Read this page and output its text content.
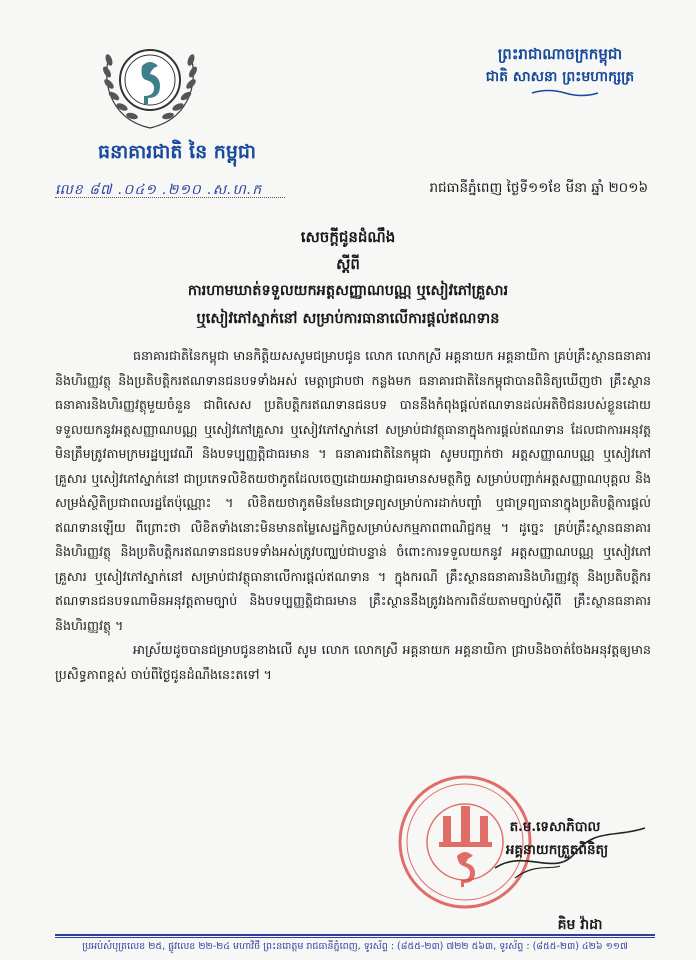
ធនាគារជាតិ នៃ កម្ពុជា
ព្រះរាជាណាចក្រកម្ពុជា
ជាតិ សាសនា ព្រះមហាក្សត្រ
លេខ ៨៧ .០៤១ .២១០ .ស.ហ.ក	រាជធានីភ្នំពេញ ថ្ងៃទី១១ខែ មីនា ឆ្នាំ ២០១៦
សេចក្តីជូនដំណឹង
ស្តីពី
ការហាមឃាត់ទទួលយកអត្តសញ្ញាណបណ្ណ ឬសៀវភៅគ្រួសារ
ឬសៀវភៅស្នាក់នៅ សម្រាប់ការធានាលើការផ្តល់ឥណទាន

ធនាគារជាតិនៃកម្ពុជា មានកិត្តិយសសូមជម្រាបជូន លោក លោកស្រី អគ្គនាយក អគ្គនាយិកា គ្រប់គ្រឹះស្ថានធនាគារនិងហិរញ្ញវត្ថុ និងប្រតិបត្តិករឥណទានជនបទទាំងអស់ មេត្តាជ្រាបថា កន្លងមក ធនាគារជាតិនៃកម្ពុជាបានពិនិត្យឃើញថា គ្រឹះស្ថានធនាគារនិងហិរញ្ញវត្ថុមួយចំនួន ជាពិសេស ប្រតិបត្តិករឥណទានជនបទ បាននឹងកំពុងផ្តល់ឥណទានដល់អតិថិជនរបស់ខ្លួនដោយទទួលយកនូវអត្តសញ្ញាណបណ្ណ ឬសៀវភៅគ្រួសារ ឬសៀវភៅស្នាក់នៅ សម្រាប់ជាវត្ថុធានាក្នុងការផ្តល់ឥណទាន ដែលជាការអនុវត្តមិនត្រឹមត្រូវតាមក្រមរដ្ឋប្បវេណី និងបទប្បញ្ញត្តិជាធរមាន ។ ធនាគារជាតិនៃកម្ពុជា សូមបញ្ជាក់ថា អត្តសញ្ញាណបណ្ណ ឬសៀវភៅគ្រួសារ ឬសៀវភៅស្នាក់នៅ ជាប្រភេទលិខិតយថាភូតដែលចេញដោយអាជ្ញាធរមានសមត្ថកិច្ច សម្រាប់បញ្ជាក់អត្តសញ្ញាណបុគ្គល និងសម្រង់ស្ថិតិប្រជាពលរដ្ឋតែប៉ុណ្ណោះ ។ លិខិតយថាភូតមិនមែនជាទ្រព្យសម្រាប់ការដាក់បញ្ចាំ ឬជាទ្រព្យធានាក្នុងប្រតិបត្តិការផ្តល់ឥណទានឡើយ ពីព្រោះថា លិខិតទាំងនោះមិនមានតម្លៃសេដ្ឋកិច្ចសម្រាប់សកម្មភាពពាណិជ្ជកម្ម ។ ដូច្នេះ គ្រប់គ្រឹះស្ថានធនាគារនិងហិរញ្ញវត្ថុ និងប្រតិបត្តិករឥណទានជនបទទាំងអស់ត្រូវបញ្ឈប់ជាបន្ទាន់ ចំពោះការទទួលយកនូវ អត្តសញ្ញាណបណ្ណ ឬសៀវភៅគ្រួសារ ឬសៀវភៅស្នាក់នៅ សម្រាប់ជាវត្ថុធានាលើការផ្តល់ឥណទាន ។ ក្នុងករណី គ្រឹះស្ថានធនាគារនិងហិរញ្ញវត្ថុ និងប្រតិបត្តិករឥណទានជនបទណាមិនអនុវត្តតាមច្បាប់ និងបទប្បញ្ញត្តិជាធរមាន គ្រឹះស្ថាននឹងត្រូវរងការពិន័យតាមច្បាប់ស្តីពី គ្រឹះស្ថានធនាគារនិងហិរញ្ញវត្ថុ ។

អាស្រ័យដូចបានជម្រាបជូនខាងលើ សូម លោក លោកស្រី អគ្គនាយក អគ្គនាយិកា ជ្រាបនិងចាត់ចែងអនុវត្តឲ្យមានប្រសិទ្ធភាពខ្ពស់ ចាប់ពីថ្ងៃជូនដំណឹងនេះតទៅ ។

ត.ម.ទេសាភិបាល
អគ្គនាយកត្រួតពិនិត្យ
គិម វ៉ាដា
ប្រអប់សំបុត្រលេខ ២៥, ផ្លូវលេខ ២២-២៤ មហាវិថី ព្រះនរោត្តម រាជធានីភ្នំពេញ, ទូរស័ព្ទ : (៨៥៥-២៣) ៧២២ ៥៦៣, ទូរស័ព្ទ : (៨៥៥-២៣) ៤២៦ ១១៧
